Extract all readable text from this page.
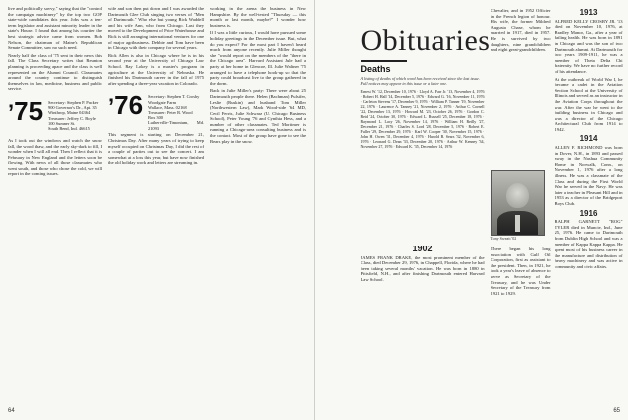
live and politically savvy," saying that the "control the campaign machinery" by the top two GOP state-wide candidates this year. Jobs was a ten-term legislator and assistant minority leader in the state's House. I found that among his courtier the best strategic advice came from women. Bob Nelson, the chairman of Maine's Republican Senate Committee, saw no such need.

Nearly half the class of '75 sent in their news this fall. The Class Secretary writes that Reunion planning is proceeding apace and the class is well represented on the Alumni Council. Classmates around the country continue to distinguish themselves in law, medicine, business and public service.

’75 Secretary: Stephen P. Packer
900 Governor's Dr., Apt. 35
Winthrop, Maine 04364
Treasurer: Jeffrey C. Boyle
100 Sumner St.
South Bend, Ind. 46615

As I took out the windows and watch the snow fall, the wood thaw, and the early sky-dark to fill, I wonder when I will all end. Then I reflect that it is February in New England and the letters soon be flowing. With news of all those classmates who went south, and those who chose the cold, we will report in the coming issues.

wife and son then put down and I was awarded the Dartmouth Glee Club singing two verses of "Men of Dartmouth." Who else but young Rick Waddell and his wife Ann, who from Chicago. Last they moved to the Development of Price Waterhouse and Rick is still arranging international ventures for one of major agribusiness. Debbie and Tom have been in Chicago with their company for several years.

Rick Allen is also in Chicago where he is in his second year at the University of Chicago Law School. Ray Lokey is a master's program in agriculture at the University of Nebraska. He finished his Dartmouth career in the fall of 1975 after spending a three-year vacation in Colorado.

’76 Secretary: Stephen T. Crosby
Woodgate Farm
Wallace, Mass. 02168
Treasurer: Peter R. Wood
Box 300
Lutherville-Timonium, Md. 21093

This segment is starting on December 21, Christmas Day. After many years of trying to keep myself occupied on Christmas Day, I did the rest of a couple of parties out to see the concert. I am somewhat at a loss this year, but have now finished the old holiday work and letters are streaming in.

working in the arena the business in New Hampshire. By the well-tested "Thursday — this month or last month, maybe?" I wonder how business is.

If I was a little curious, I would have pursued some holiday greetings in the December issue. But, what do you expect? For the most part I haven't heard much from anyone recently. Julie Miller thought she "would report on the members of the "there in the Chicago area". Harvard Assistant Jule had a party at her home in Glencoe, Ill. Julie Waltner '75 arranged to have a telephone hook-up so that the party could broadcast live to the group gathered in the dorm.

Back in Julie Miller's party: There were about 25 Dartmouth people there. Helen (Bachman) Pulsifer, Leslie (Ruskin) and husband Tom Miller (Northwestern Law), Mark Wood-side '64 MD, Cecil Ferris, Julie Schwarz (U. Chicago Business School), Peter Young '76 and Cynthia Hess, and a number of other classmates. Ted Mortimer is running a Chicago-area consulting business and is the contact. Most of the group have gone to see the Bears play in the snow.

64
Obituaries
Deaths
A listing of deaths of which word has been received since the last issue. Full notices may appear in this issue or a later one.
Ernest W. '12, December 10, 1976 · Lloyd A. Farr Jr. '13, November 4, 1976 · Robert H. Hall '14, December 5, 1976 · Edward G. '16, November 11, 1976 · Carleton Stevens '17, December 9, 1976 · William P. Tanner '19, November 22, 1976 · Laurence A. Tanney '21, November 2, 1976 · Arthur C. Cornell '22, December 13, 1976 · Howard M. '23, October 26, 1976 · Gordon C. Reid '24, October 30, 1976 · Edward L. Russell '25, December 18, 1976 · Raymond L. Lacy '26, November 14, 1976 · William H. Reilly '27, December 21, 1976 · Charles S. Lord '28, December 5, 1976 · Robert E. Fuller '29, December 29, 1976 · Karl W. Cooper '30, November 15, 1976 · John H. Owen '31, December 4, 1976 · Harold B. Sears '32, November 6, 1976 · Leonard G. Dean '33, December 20, 1976 · Arthur W. Kenney '34, November 27, 1976 · Edward K. '35, December 14, 1976
1902

JAMES FRANK DRAKE, the most prominent member of the Class, died December 29, 1976, in Chappell, Florida, where he had been taking several months' vacation. He was born in 1880 in Pittsfield, N.H., and after finishing Dartmouth entered Harvard Law School.

Tony Sweatt '02

There began his long association with Gulf Oil Corporation, first as assistant to the president. Then, in 1921, he took a year's leave of absence to serve as Secretary of the Treasury, and he was Under Secretary of the Treasury from 1921 to 1929.

Chevalier, and in 1952 Officier in the French legion of honour. His wife, the former Mildred Augusta Chase, whom he married in 1917, died in 1957. He is survived by two daughters, nine grandchildren and eight great-grandchildren.

1913

ALFRED KELLY CROSBY JR. '13 died on November 10, 1976, at Bradley Manor, Ga., after a year of failing health. He was born in 1891 in Chicago and was the son of two Dartmouth alumni. At Dartmouth for two years 1909-1911, he was a member of Theta Delta Chi fraternity. We have no further record of his attendance.

At the outbreak of World War I, he became a cadet in the Aviation Section School at the University of Illinois and served as an instructor in the Aviation Corps throughout the war. After the war he went to the building business in Chicago and was a director of the Chicago Architectural Club from 1914 to 1942.

1914

ALLEN F. RICHMOND was born in Dover, N.H., in 1893 and passed away in the Nashua Community Home in Norwalk, Conn., on November 1, 1976 after a long illness. He was a classmate of the Class and during the First World War he served in the Navy. He was later a teacher in Pleasant Hill and in 1953 as a director of the Bridgeport Boys Club.

1916

RALPH GARNETT "ROG" TYLER died in Muncie, Ind., June 25, 1976. He came to Dartmouth from Dublin High School and was a member of Kappa Kappa Kappa. He spent most of his business career in the manufacture and distribution of heavy machinery and was active in community and civic affairs.

65
